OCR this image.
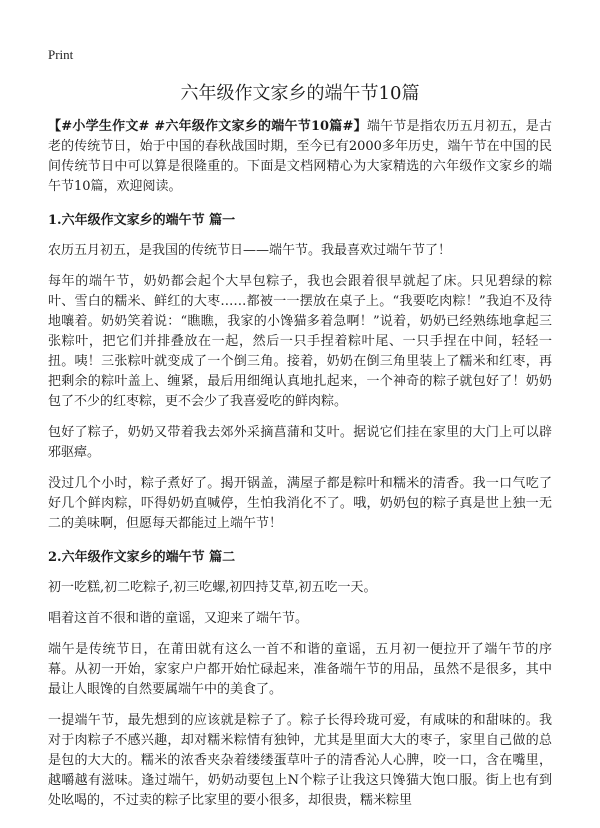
Print
六年级作文家乡的端午节10篇

【#小学生作文# #六年级作文家乡的端午节10篇#】端午节是指农历五月初五，是古老的传统节日，始于中国的春秋战国时期，至今已有2000多年历史，端午节在中国的民间传统节日中可以算是很隆重的。下面是文档网精心为大家精选的六年级作文家乡的端午节10篇，欢迎阅读。

1.六年级作文家乡的端午节 篇一

农历五月初五，是我国的传统节日——端午节。我最喜欢过端午节了！

每年的端午节，奶奶都会起个大早包粽子，我也会跟着很早就起了床。只见碧绿的粽叶、雪白的糯米、鲜红的大枣……都被一一摆放在桌子上。“我要吃肉粽！”我迫不及待地嚷着。奶奶笑着说：“瞧瞧，我家的小馋猫多着急啊！”说着，奶奶已经熟练地拿起三张粽叶，把它们并排叠放在一起，然后一只手捏着粽叶尾、一只手捏在中间，轻轻一扭。咦！三张粽叶就变成了一个倒三角。接着，奶奶在倒三角里装上了糯米和红枣，再把剩余的粽叶盖上、缠紧，最后用细绳认真地扎起来，一个神奇的粽子就包好了！奶奶包了不少的红枣粽，更不会少了我喜爱吃的鲜肉粽。

包好了粽子，奶奶又带着我去郊外采摘菖蒲和艾叶。据说它们挂在家里的大门上可以辟邪驱瘴。

没过几个小时，粽子煮好了。揭开锅盖，满屋子都是粽叶和糯米的清香。我一口气吃了好几个鲜肉粽，吓得奶奶直喊停，生怕我消化不了。哦，奶奶包的粽子真是世上独一无二的美味啊，但愿每天都能过上端午节！

2.六年级作文家乡的端午节 篇二

初一吃糕,初二吃粽子,初三吃螺,初四持艾草,初五吃一天。

唱着这首不很和谐的童谣，又迎来了端午节。

端午是传统节日，在莆田就有这么一首不和谐的童谣，五月初一便拉开了端午节的序幕。从初一开始，家家户户都开始忙碌起来，准备端午节的用品，虽然不是很多，其中最让人眼馋的自然要属端午中的美食了。

一提端午节，最先想到的应该就是粽子了。粽子长得玲珑可爱，有咸味的和甜味的。我对于肉粽子不感兴趣，却对糯米粽情有独钟，尤其是里面大大的枣子，家里自己做的总是包的大大的。糯米的浓香夹杂着缕缕蛋草叶子的清香沁人心脾，咬一口，含在嘴里，越嚼越有滋味。逢过端午，奶奶动要包上N个粽子让我这只馋猫大饱口服。街上也有到处吆喝的，不过卖的粽子比家里的要小很多，却很贵，糯米粽里
